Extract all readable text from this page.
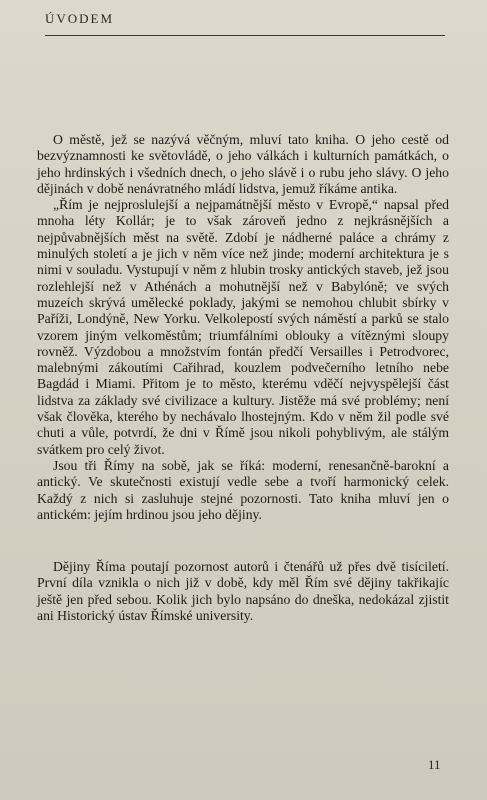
ÚVODEM

O městě, jež se nazývá věčným, mluví tato kniha. O jeho cestě od bezvýznamnosti ke světovládě, o jeho válkách i kulturních památkách, o jeho hrdinských i všedních dnech, o jeho slávě i o rubu jeho slávy. O jeho dějinách v době nenávratného mládí lidstva, jemuž říkáme antika.

„Řím je nejproslulejší a nejpamátnější město v Evropě,“ napsal před mnoha léty Kollár; je to však zároveň jedno z nejkrásnějších a nejpůvabnějších měst na světě. Zdobí je nádherné paláce a chrámy z minulých století a je jich v něm více než jinde; moderní architektura je s nimi v souladu. Vystupují v něm z hlubin trosky antických staveb, jež jsou rozlehlejší než v Athénách a mohutnější než v Babylóně; ve svých muzeích skrývá umělecké poklady, jakými se nemohou chlubit sbírky v Paříži, Londýně, New Yorku. Velkolepostí svých náměstí a parků se stalo vzorem jiným velkoměstům; triumfálními oblouky a vítěznými sloupy rovněž. Výzdobou a množstvím fontán předčí Versailles i Petrodvorec, malebnými zákoutími Cařihrad, kouzlem podvečerního letního nebe Bagdád i Miami. Přitom je to město, kterému vděčí nejvyspělejší část lidstva za základy své civilizace a kultury. Jistěže má své problémy; není však člověka, kterého by nechávalo lhostejným. Kdo v něm žil podle své chuti a vůle, potvrdí, že dni v Římě jsou nikoli pohyblivým, ale stálým svátkem pro celý život.

Jsou tři Římy na sobě, jak se říká: moderní, renesančně-barokní a antický. Ve skutečnosti existují vedle sebe a tvoří harmonický celek. Každý z nich si zasluhuje stejné pozornosti. Tato kniha mluví jen o antickém: jejím hrdinou jsou jeho dějiny.

Dějiny Říma poutají pozornost autorů i čtenářů už přes dvě tisíciletí. První díla vznikla o nich již v době, kdy měl Řím své dějiny takřikajíc ještě jen před sebou. Kolik jich bylo napsáno do dneška, nedokázal zjistit ani Historický ústav Římské university.

11
